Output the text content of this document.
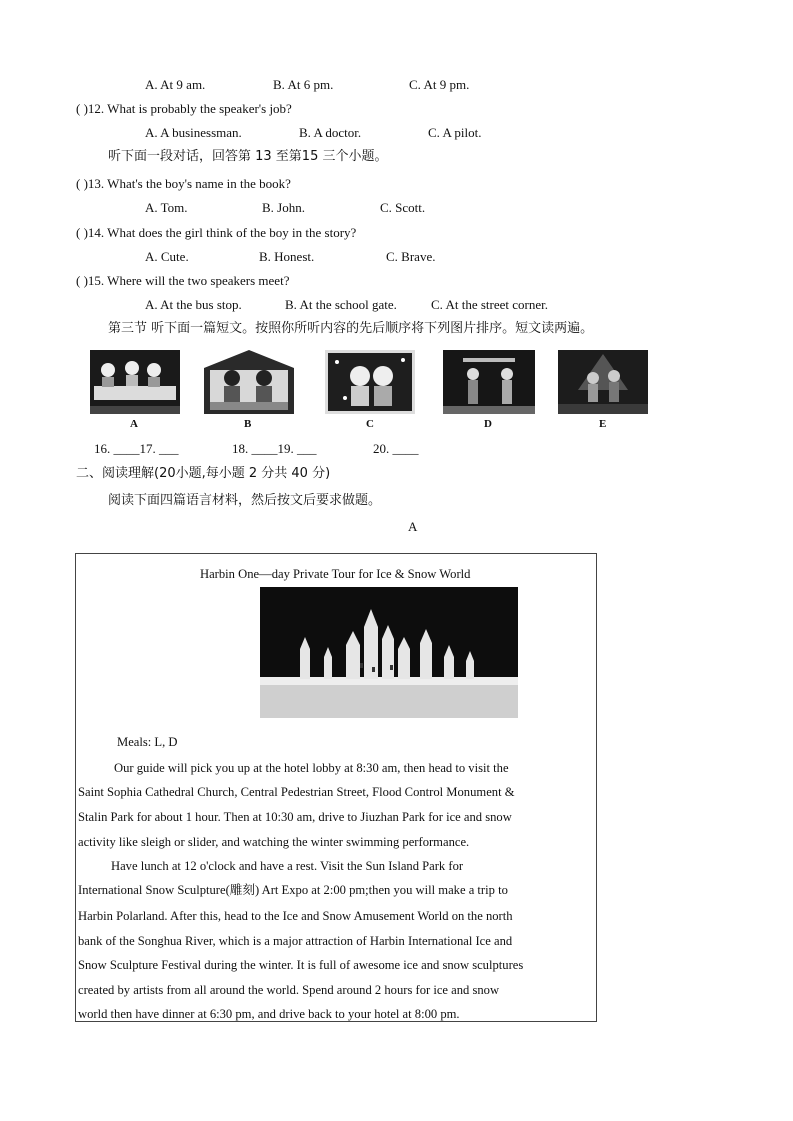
A. At 9 am.	B. At 6 pm.	C. At 9 pm.
( )12. What is probably the speaker's job?
A. A businessman.	B. A doctor.	C. A pilot.
听下面一段对话，回答第 13 至第15 三个小题。
( )13. What's the boy's name in the book?
A. Tom.	B. John.	C. Scott.
( )14. What does the girl think of the boy in the story?
A. Cute.	B. Honest.	C. Brave.
( )15. Where will the two speakers meet?
A. At the bus stop.	B. At the school gate.	C. At the street corner.
第三节 听下面一篇短文。按照你所听内容的先后顺序将下列图片排序。短文读两遍。
A	B	C	D	E
16. ____17. ___	18. ____19. ___	20. ____
二、阅读理解(20小题,每小题 2 分共 40 分)
阅读下面四篇语言材料，然后按文后要求做题。
A
Harbin One—day Private Tour for Ice & Snow World
Meals: L, D
Our guide will pick you up at the hotel lobby at 8:30 am, then head to visit the
Saint Sophia Cathedral Church, Central Pedestrian Street, Flood Control Monument &
Stalin Park for about 1 hour. Then at 10:30 am, drive to Jiuzhan Park for ice and snow
activity like sleigh or slider, and watching the winter swimming performance.
Have lunch at 12 o'clock and have a rest. Visit the Sun Island Park for
International Snow Sculpture(雕刻) Art Expo at 2:00 pm;then you will make a trip to
Harbin Polarland. After this, head to the Ice and Snow Amusement World on the north
bank of the Songhua River, which is a major attraction of Harbin International Ice and
Snow Sculpture Festival during the winter. It is full of awesome ice and snow sculptures
created by artists from all around the world. Spend around 2 hours for ice and snow
world then have dinner at 6:30 pm, and drive back to your hotel at 8:00 pm.
